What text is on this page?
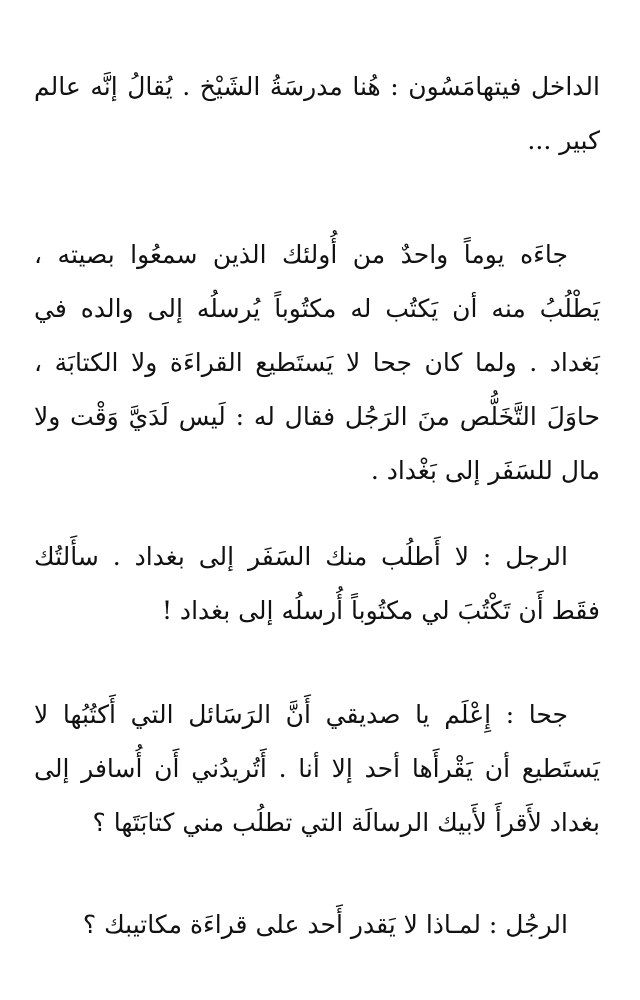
الداخل فيتهامَسُون : هُنا مدرسَةُ الشَيْخ . يُقالُ إنَّه عالم كبير ...

جاءَه يوماً واحدٌ من أُولئك الذين سمعُوا بصيته ، يَطْلُبُ منه أن يَكتُب له مكتُوباً يُرسلُه إلى والده في بَغداد . ولما كان جحا لا يَستَطيع القراءَة ولا الكتابَة ، حاوَلَ التَّخَلُّص منَ الرَجُل فقال له : لَيس لَدَيَّ وَقْت ولا مال للسَفَر إلى بَغْداد .

الرجل : لا أَطلُب منك السَفَر إلى بغداد . سأَلتُك فقَط أَن تَكْتُبَ لي مكتُوباً أُرسلُه إلى بغداد !

جحا : إِعْلَم يا صديقي أَنَّ الرَسَائل التي أَكتُبُها لا يَستَطيع أن يَقْرأَها أحد إلا أنا . أَتُريدُني أَن أُسافر إلى بغداد لأَقرأَ لأَبيك الرسالَة التي تطلُب مني كتابَتَها ؟

الرجُل : لمـاذا لا يَقدر أَحد على قراءَة مكاتيبك ؟
